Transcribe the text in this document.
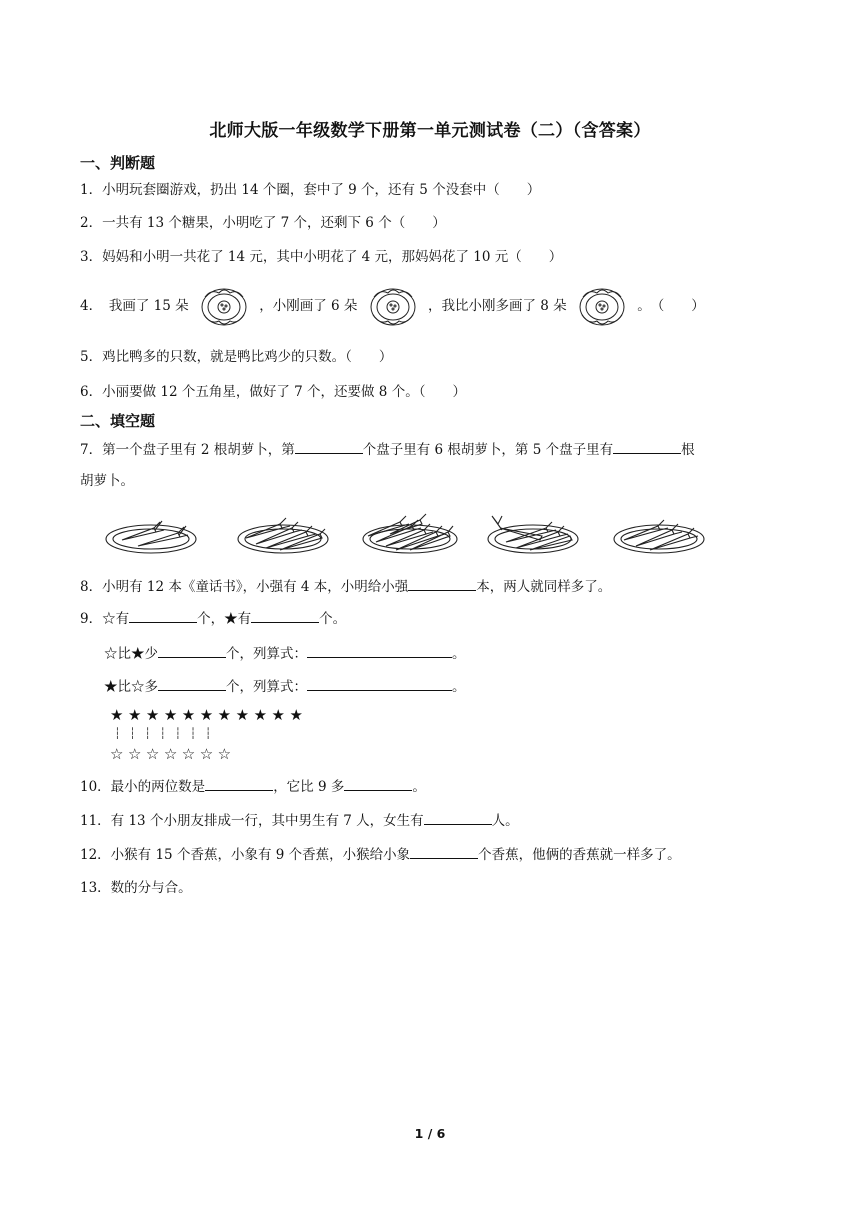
北师大版一年级数学下册第一单元测试卷（二）（含答案）
一、判断题
1．小明玩套圈游戏，扔出 14 个圈，套中了 9 个，还有 5 个没套中（　　）
2．一共有 13 个糖果，小明吃了 7 个，还剩下 6 个（　　）
3．妈妈和小明一共花了 14 元，其中小明花了 4 元，那妈妈花了 10 元（　　）
4．　我画了 15 朵	，小刚画了 6 朵	，我比小刚多画了 8 朵	。　（　　）
5．鸡比鸭多的只数，就是鸭比鸡少的只数。（　　）
6．小丽要做 12 个五角星，做好了 7 个，还要做 8 个。（　　）
二、填空题
7．第一个盘子里有 2 根胡萝卜，第	个盘子里有 6 根胡萝卜，第 5 个盘子里有	根
胡萝卜。
8．小明有 12 本《童话书》，小强有 4 本，小明给小强	本，两人就同样多了。
9．☆有	个，★有	个。
☆比★少	个，列算式：	。
★比☆多	个，列算式：	。
★★★★★★★★★★★
┆┆┆┆┆┆┆
☆☆☆☆☆☆☆
10．最小的两位数是	，它比 9 多	。
11．有 13 个小朋友排成一行，其中男生有 7 人，女生有	人。
12．小猴有 15 个香蕉，小象有 9 个香蕉，小猴给小象	个香蕉，他俩的香蕉就一样多了。
13．数的分与合。
1 / 6
